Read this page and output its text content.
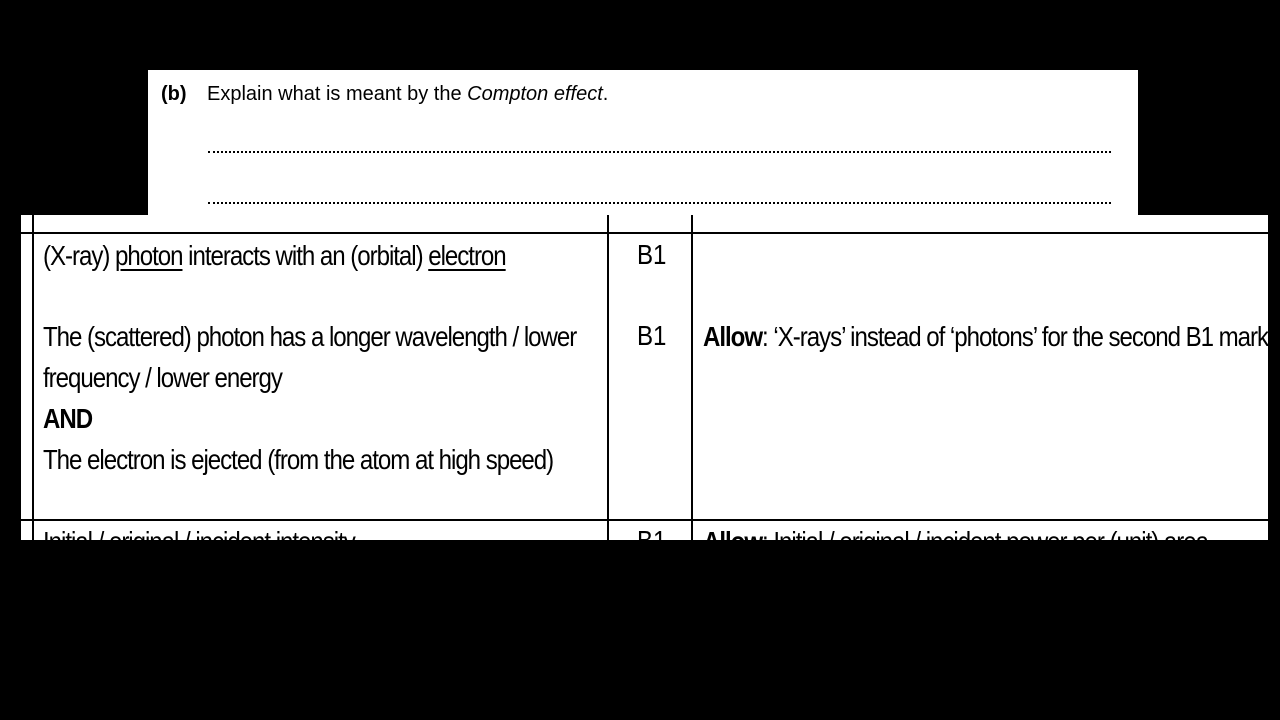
(b) Explain what is meant by the Compton effect.
(X-ray) photon interacts with an (orbital) electron	B1
The (scattered) photon has a longer wavelength / lower
frequency / lower energy
AND
The electron is ejected (from the atom at high speed)
B1 Allow: ‘X-rays’ instead of ‘photons’ for the second B1 mark
Initial / original / incident intensity	B1 Allow: Initial / original / incident power per (unit) area
